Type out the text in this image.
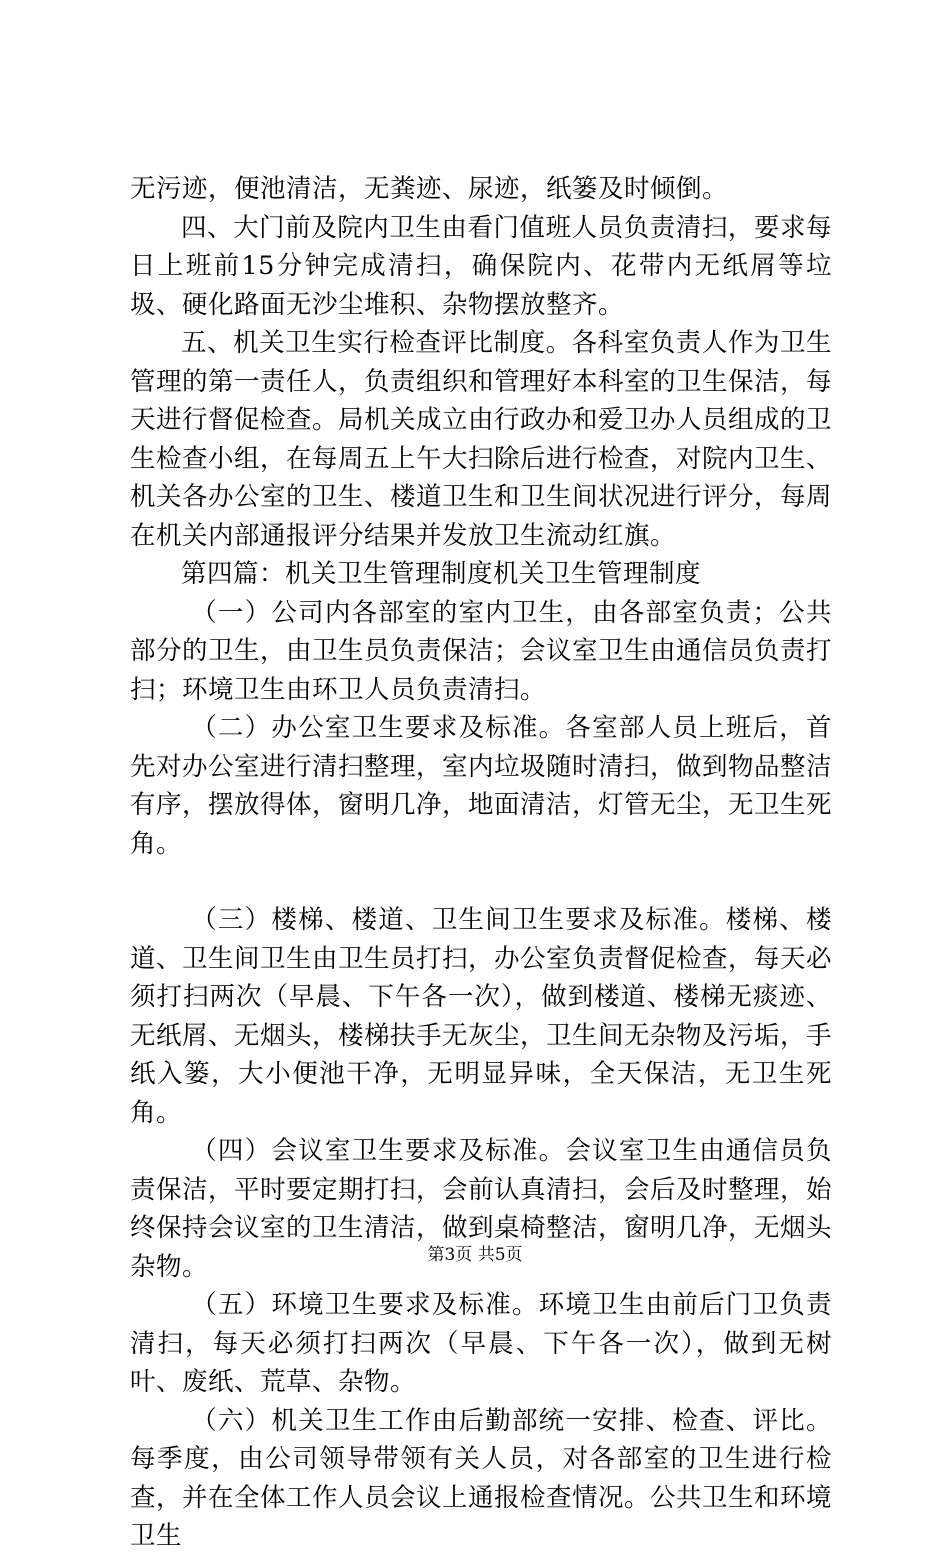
无污迹，便池清洁，无粪迹、尿迹，纸篓及时倾倒。

四、大门前及院内卫生由看门值班人员负责清扫，要求每日上班前15分钟完成清扫，确保院内、花带内无纸屑等垃圾、硬化路面无沙尘堆积、杂物摆放整齐。

五、机关卫生实行检查评比制度。各科室负责人作为卫生管理的第一责任人，负责组织和管理好本科室的卫生保洁，每天进行督促检查。局机关成立由行政办和爱卫办人员组成的卫生检查小组，在每周五上午大扫除后进行检查，对院内卫生、机关各办公室的卫生、楼道卫生和卫生间状况进行评分，每周在机关内部通报评分结果并发放卫生流动红旗。

第四篇：机关卫生管理制度机关卫生管理制度

（一）公司内各部室的室内卫生，由各部室负责；公共部分的卫生，由卫生员负责保洁；会议室卫生由通信员负责打扫；环境卫生由环卫人员负责清扫。

（二）办公室卫生要求及标准。各室部人员上班后，首先对办公室进行清扫整理，室内垃圾随时清扫，做到物品整洁有序，摆放得体，窗明几净，地面清洁，灯管无尘，无卫生死角。

（三）楼梯、楼道、卫生间卫生要求及标准。楼梯、楼道、卫生间卫生由卫生员打扫，办公室负责督促检查，每天必须打扫两次（早晨、下午各一次），做到楼道、楼梯无痰迹、无纸屑、无烟头，楼梯扶手无灰尘，卫生间无杂物及污垢，手纸入篓，大小便池干净，无明显异味，全天保洁，无卫生死角。

（四）会议室卫生要求及标准。会议室卫生由通信员负责保洁，平时要定期打扫，会前认真清扫，会后及时整理，始终保持会议室的卫生清洁，做到桌椅整洁，窗明几净，无烟头杂物。

（五）环境卫生要求及标准。环境卫生由前后门卫负责清扫，每天必须打扫两次（早晨、下午各一次），做到无树叶、废纸、荒草、杂物。

（六）机关卫生工作由后勤部统一安排、检查、评比。每季度，由公司领导带领有关人员，对各部室的卫生进行检查，并在全体工作人员会议上通报检查情况。公共卫生和环境卫生

第3页 共5页
